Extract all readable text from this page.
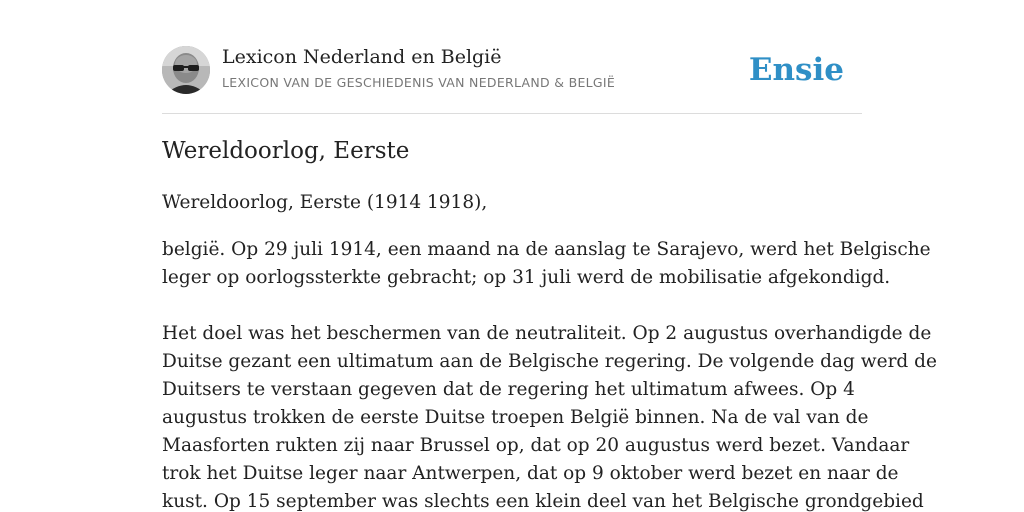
Lexicon Nederland en België
LEXICON VAN DE GESCHIEDENIS VAN NEDERLAND & BELGIË	Ensie
Wereldoorlog, Eerste
Wereldoorlog, Eerste (1914 1918),
belgië. Op 29 juli 1914, een maand na de aanslag te Sarajevo, werd het Belgische
leger op oorlogssterkte gebracht; op 31 juli werd de mobilisatie afgekondigd.
Het doel was het beschermen van de neutraliteit. Op 2 augustus overhandigde de
Duitse gezant een ultimatum aan de Belgische regering. De volgende dag werd de
Duitsers te verstaan gegeven dat de regering het ultimatum afwees. Op 4
augustus trokken de eerste Duitse troepen België binnen. Na de val van de
Maasforten rukten zij naar Brussel op, dat op 20 augustus werd bezet. Vandaar
trok het Duitse leger naar Antwerpen, dat op 9 oktober werd bezet en naar de
kust. Op 15 september was slechts een klein deel van het Belgische grondgebied
